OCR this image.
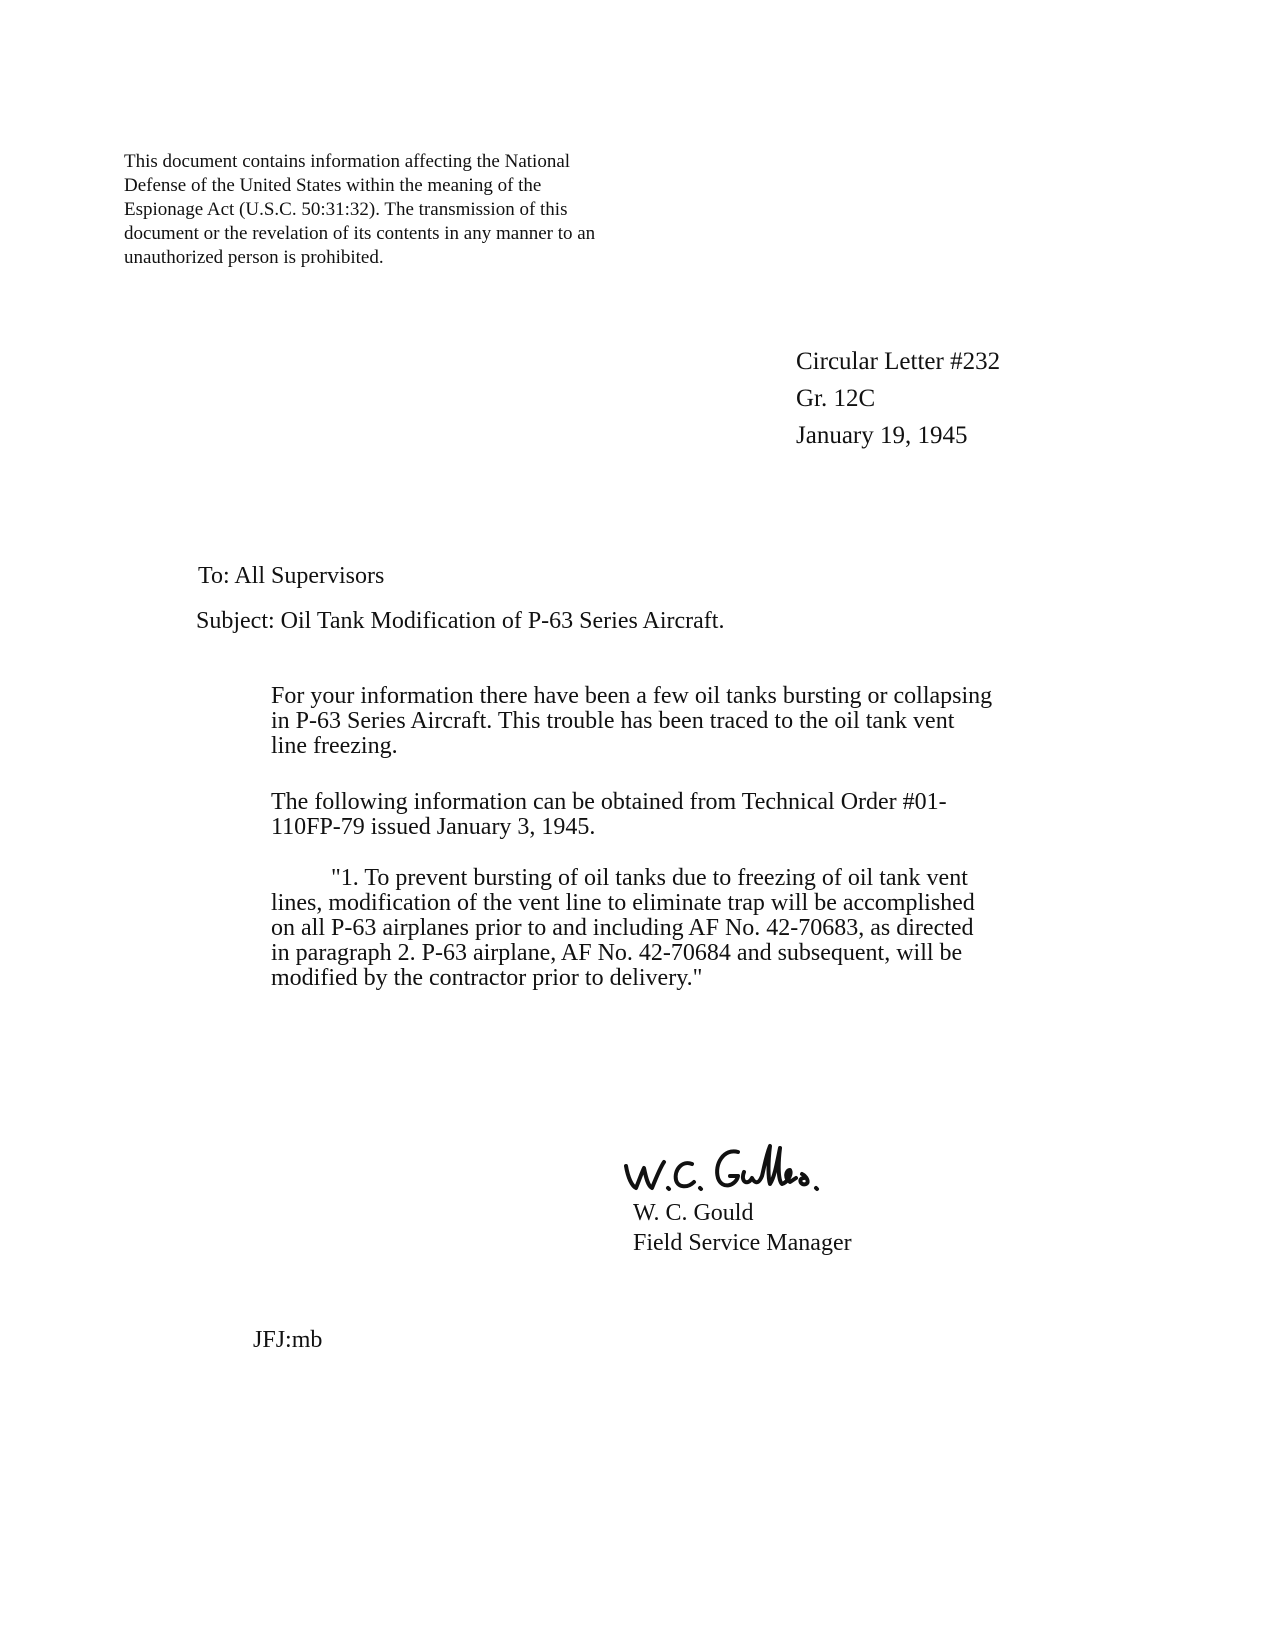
This document contains information affecting the National
Defense of the United States within the meaning of the
Espionage Act (U.S.C. 50:31:32). The transmission of this
document or the revelation of its contents in any manner to an
unauthorized person is prohibited.
Circular Letter #232
Gr. 12C
January 19, 1945
To: All Supervisors
Subject: Oil Tank Modification of P-63 Series Aircraft.
For your information there have been a few oil tanks bursting or collapsing
in P-63 Series Aircraft. This trouble has been traced to the oil tank vent
line freezing.
The following information can be obtained from Technical Order #01-
110FP-79 issued January 3, 1945.
"1. To prevent bursting of oil tanks due to freezing of oil tank vent
lines, modification of the vent line to eliminate trap will be accomplished
on all P-63 airplanes prior to and including AF No. 42-70683, as directed
in paragraph 2. P-63 airplane, AF No. 42-70684 and subsequent, will be
modified by the contractor prior to delivery."
W. C. Gould
Field Service Manager
JFJ:mb
